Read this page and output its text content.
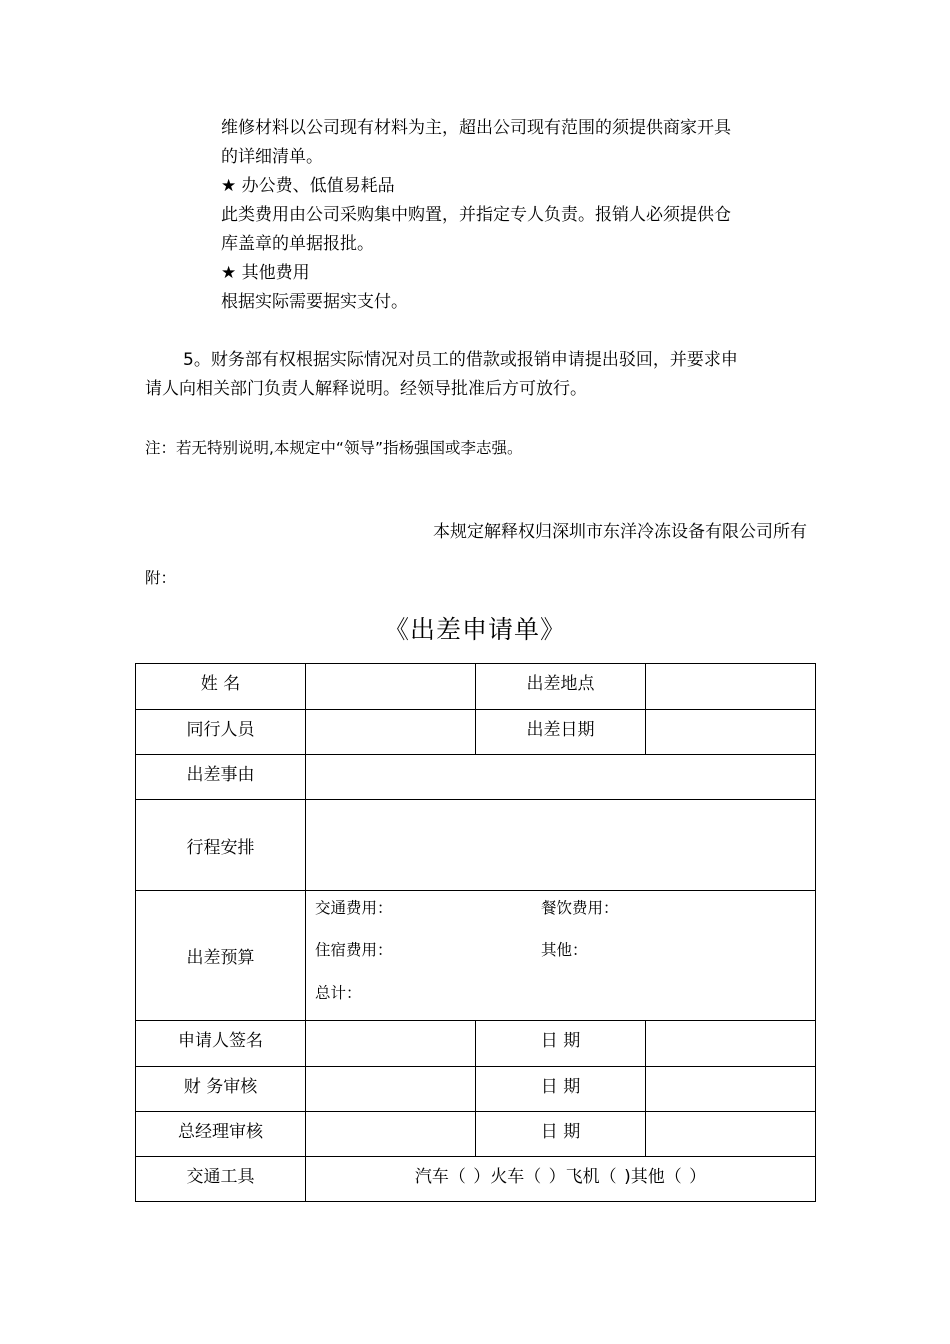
维修材料以公司现有材料为主，超出公司现有范围的须提供商家开具
的详细清单。
★ 办公费、低值易耗品
此类费用由公司采购集中购置，并指定专人负责。报销人必须提供仓
库盖章的单据报批。
★ 其他费用
根据实际需要据实支付。
5。财务部有权根据实际情况对员工的借款或报销申请提出驳回，并要求申
请人向相关部门负责人解释说明。经领导批准后方可放行。
注：若无特别说明,本规定中“领导”指杨强国或李志强。
本规定解释权归深圳市东洋冷冻设备有限公司所有
附：
《出差申请单》
姓 名		出差地点	
同行人员		出差日期	
出差事由			
行程安排			
出差预算	交通费用： 餐饮费用：
住宿费用： 其他：
总计：		

申请人签名		日 期	
财 务审核		日 期	
总经理审核		日 期	
交通工具	汽车（ ）火车（ ）飞机（ )其他（ ）		
